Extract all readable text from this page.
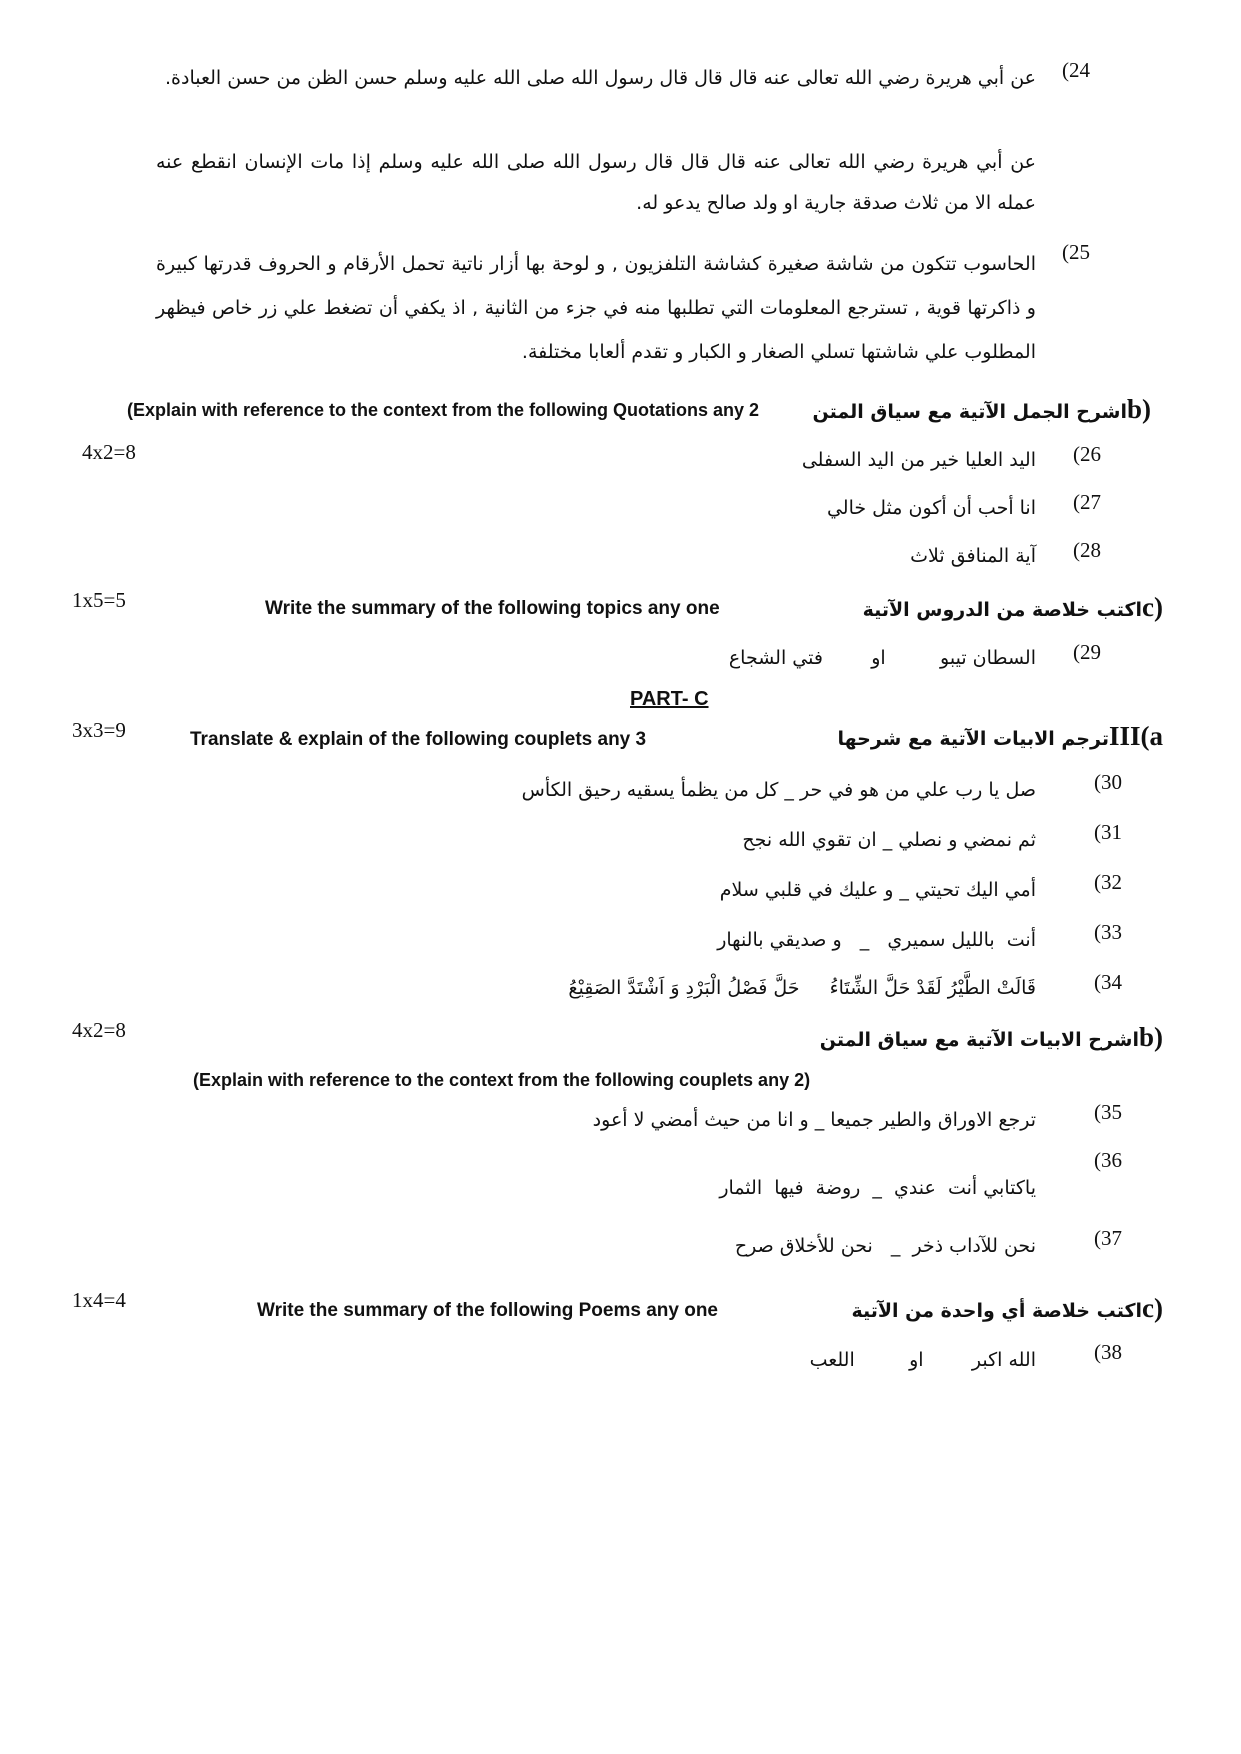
(24
عن أبي هريرة رضي الله تعالى عنه قال قال قال رسول الله صلى الله عليه وسلم حسن الظن من حسن العبادة.
عن أبي هريرة رضي الله تعالى عنه قال قال قال رسول الله صلى الله عليه وسلم إذا مات الإنسان انقطع عنه عمله الا من ثلاث صدقة جارية او ولد صالح يدعو له.
(25
الحاسوب تتكون من شاشة صغيرة كشاشة التلفزيون , و لوحة بها أزار ناتية تحمل الأرقام و الحروف قدرتها كبيرة و ذاكرتها قوية , تسترجع المعلومات التي تطلبها منه في جزء من الثانية , اذ يكفي أن تضغط علي زر خاص فيظهر المطلوب علي شاشتها تسلي الصغار و الكبار و تقدم ألعابا مختلفة.
(bاشرح الجمل الآتية مع سياق المتن
(Explain with reference to the context from the following Quotations any 2
4x2=8	(26
اليد العليا خير من اليد السفلى
(27
انا أحب أن أكون مثل خالي
(28
آية المنافق ثلاث
1x5=5	Write the summary of the following topics any one	(cاكتب خلاصة من الدروس الآتية
(29
السطان تيبو         او        فتي الشجاع
PART- C
3x3=9	Translate & explain of the following couplets any 3	III(aترجم الابيات الآتية مع شرحها
(30
صل يا رب علي من هو في حر _ كل من يظمأ يسقيه رحيق الكأس
(31
ثم نمضي و نصلي _ ان تقوي الله نجح
(32
أمي اليك تحيتي _ و عليك في قلبي سلام
(33
أنت  بالليل سميري   _   و صديقي بالنهار
(34
قَالَتْ الطَّيْرُ لَقَدْ حَلَّ الشِّتَاءُ     حَلَّ فَصْلُ الْبَرْدِ وَ اَشْتَدَّ الصَقِيْعُ
4x2=8	(bاشرح الابيات الآتية مع سياق المتن
(Explain with reference to the context from the following couplets any 2)
(35
ترجع الاوراق والطير جميعا _ و انا من حيث أمضي لا أعود
(36
ياكتابي أنت  عندي  _  روضة  فيها  الثمار
(37
نحن للآداب ذخر  _   نحن للأخلاق صرح
1x4=4	Write the summary of the following Poems any one	(cاكتب خلاصة أي واحدة من الآتية
(38
الله اكبر        او         اللعب
